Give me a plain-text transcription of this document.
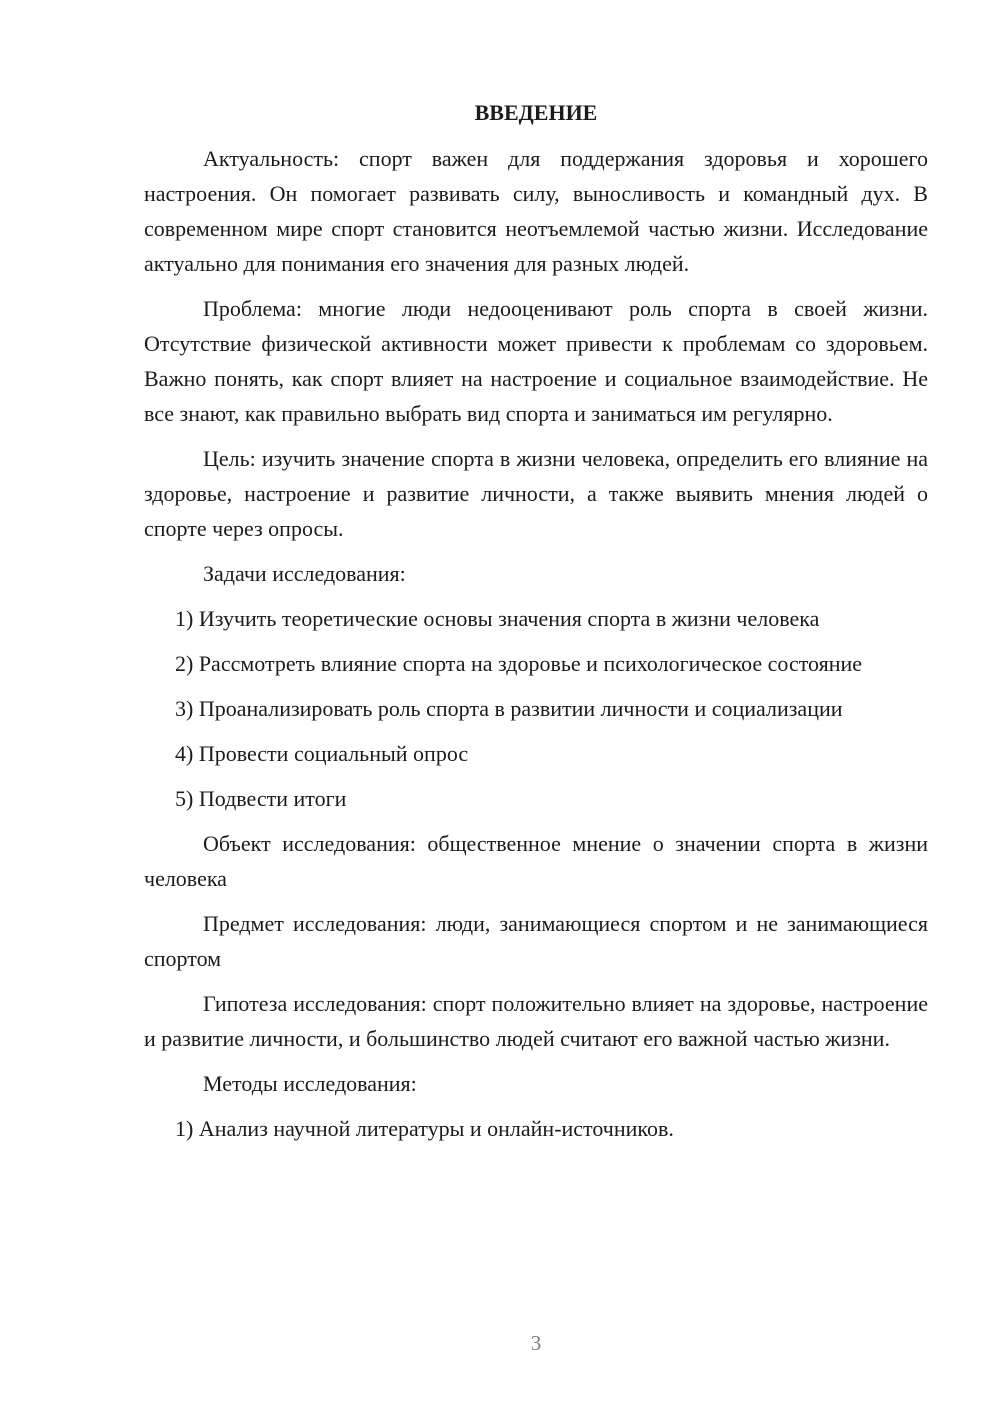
ВВЕДЕНИЕ

Актуальность: спорт важен для поддержания здоровья и хорошего настроения. Он помогает развивать силу, выносливость и командный дух. В современном мире спорт становится неотъемлемой частью жизни. Исследование актуально для понимания его значения для разных людей.

Проблема: многие люди недооценивают роль спорта в своей жизни. Отсутствие физической активности может привести к проблемам со здоровьем. Важно понять, как спорт влияет на настроение и социальное взаимодействие. Не все знают, как правильно выбрать вид спорта и заниматься им регулярно.

Цель: изучить значение спорта в жизни человека, определить его влияние на здоровье, настроение и развитие личности, а также выявить мнения людей о спорте через опросы.

Задачи исследования:

1) Изучить теоретические основы значения спорта в жизни человека

2) Рассмотреть влияние спорта на здоровье и психологическое состояние

3) Проанализировать роль спорта в развитии личности и социализации

4) Провести социальный опрос

5) Подвести итоги

Объект исследования: общественное мнение о значении спорта в жизни человека

Предмет исследования: люди, занимающиеся спортом и не занимающиеся спортом

Гипотеза исследования: спорт положительно влияет на здоровье, настроение и развитие личности, и большинство людей считают его важной частью жизни.

Методы исследования:

1) Анализ научной литературы и онлайн-источников.

3
